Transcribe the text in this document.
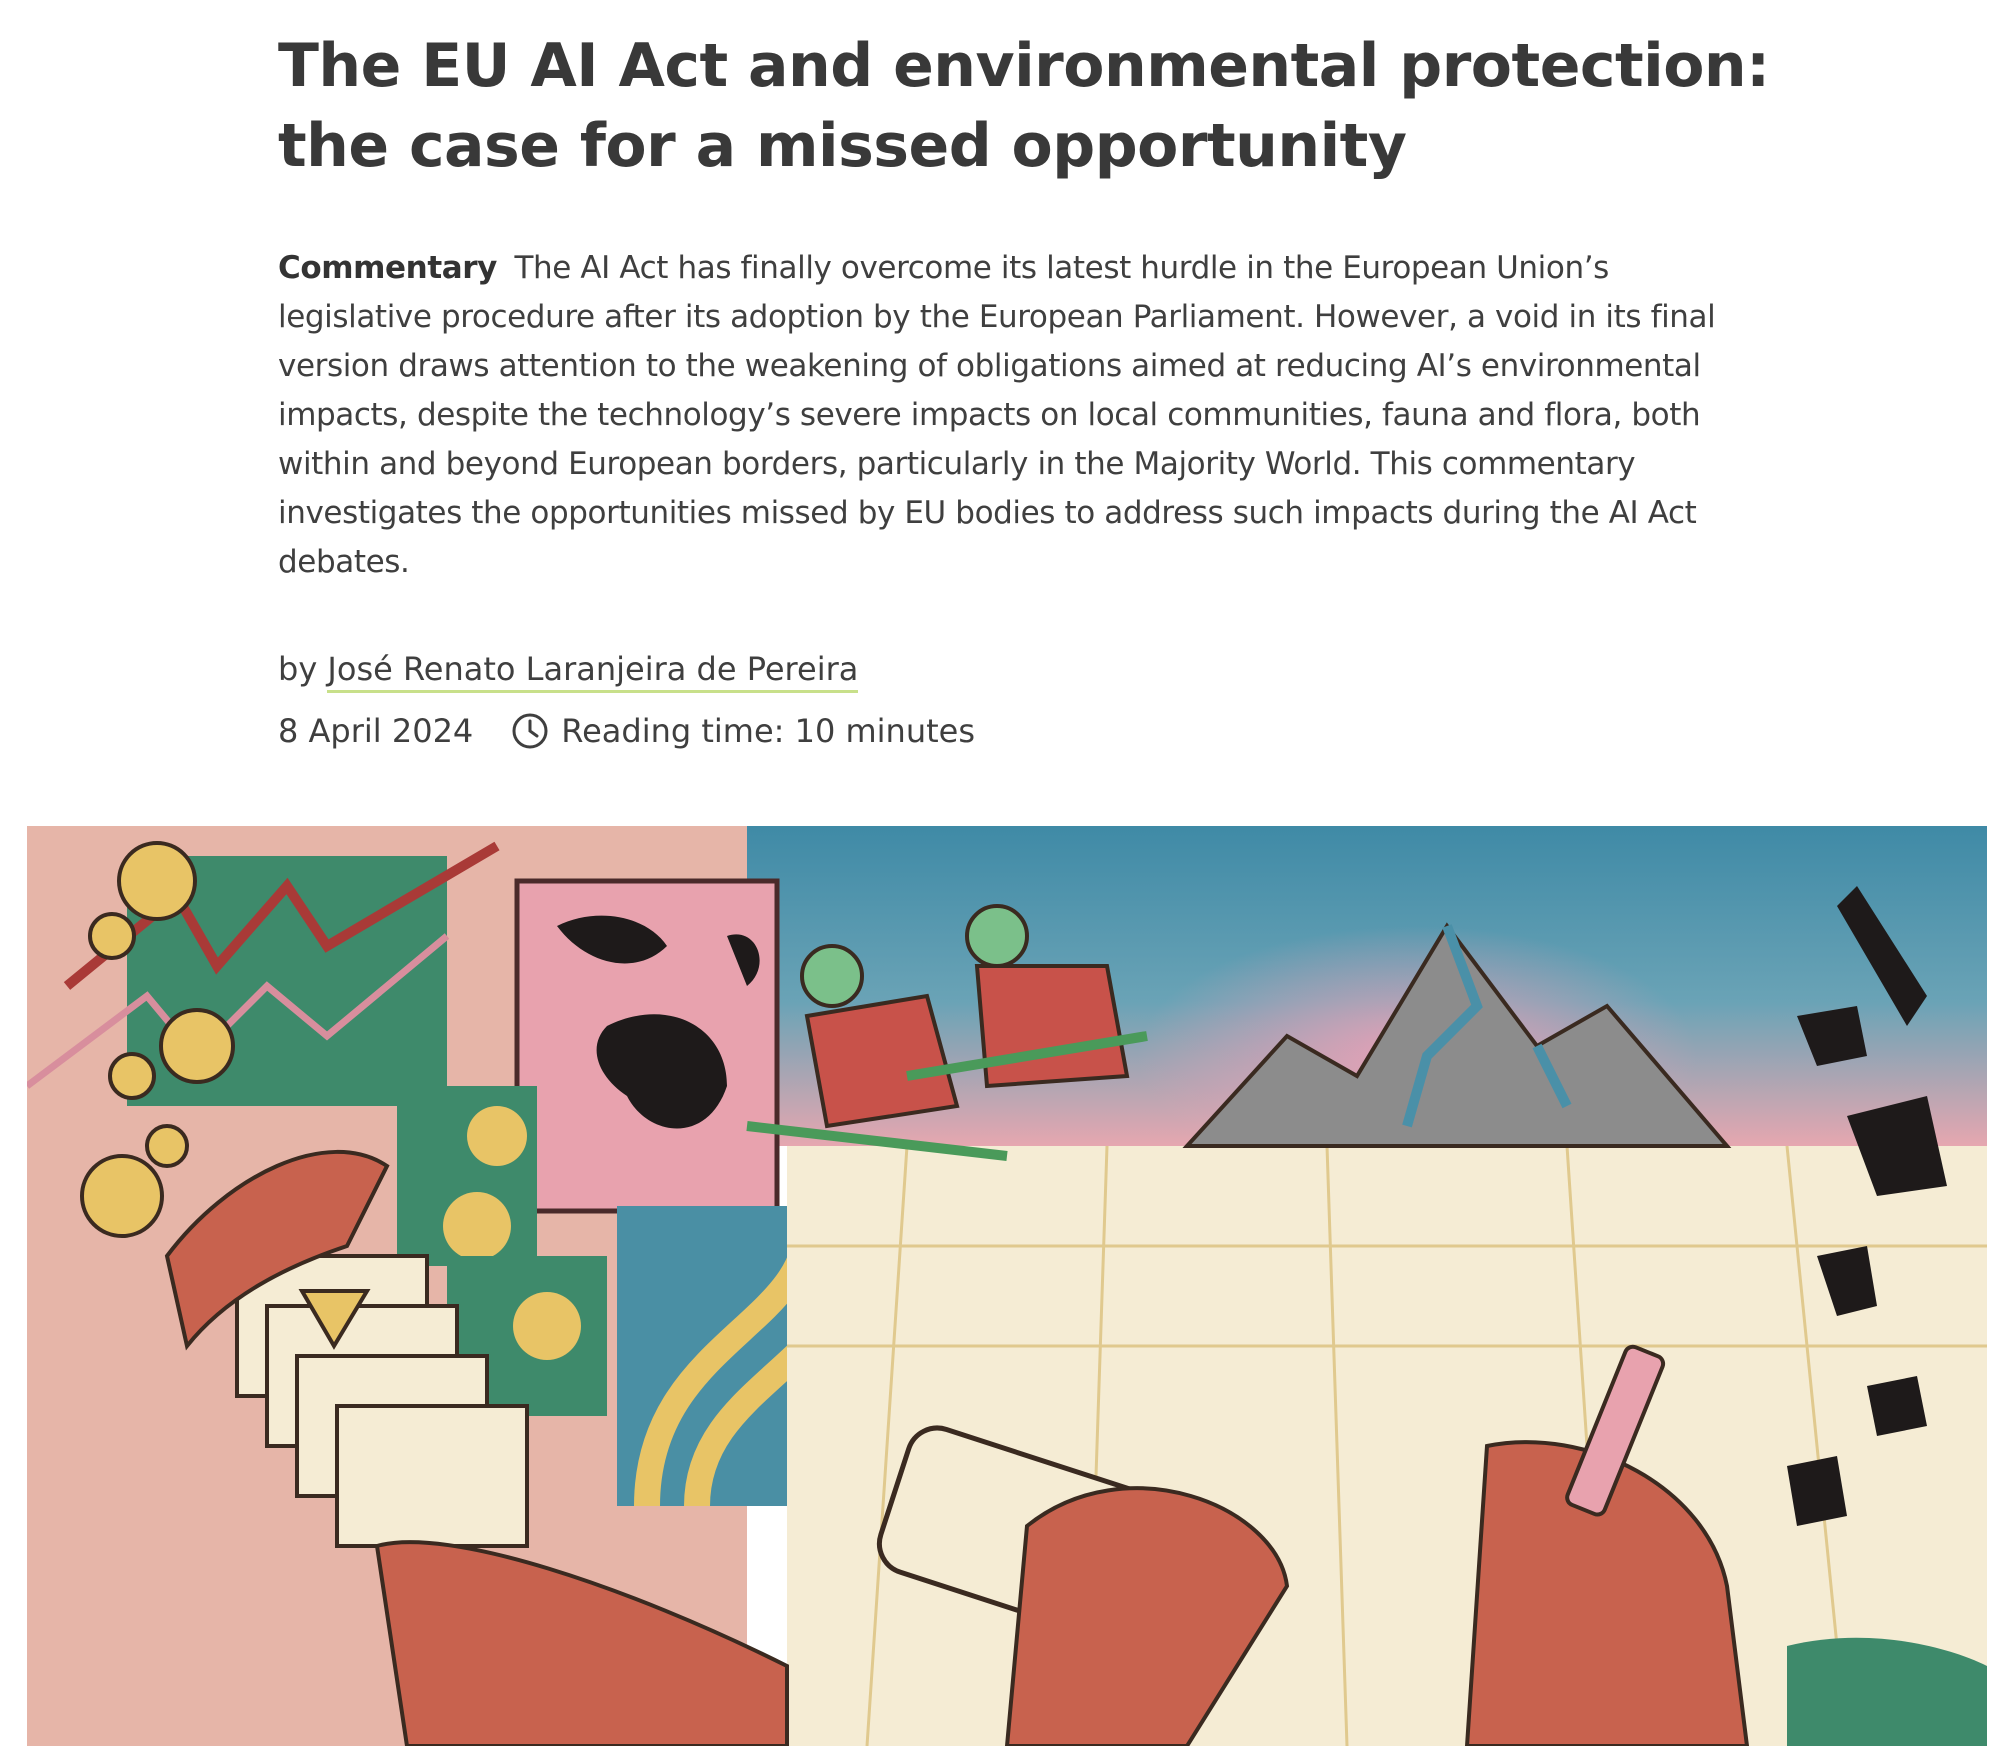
The EU AI Act and environmental protection:
the case for a missed opportunity

Commentary The AI Act has finally overcome its latest hurdle in the European Union’s legislative procedure after its adoption by the European Parliament. However, a void in its final version draws attention to the weakening of obligations aimed at reducing AI’s environmental impacts, despite the technology’s severe impacts on local communities, fauna and flora, both within and beyond European borders, particularly in the Majority World. This commentary investigates the opportunities missed by EU bodies to address such impacts during the AI Act debates.

by José Renato Laranjeira de Pereira
8 April 2024	Reading time: 10 minutes
